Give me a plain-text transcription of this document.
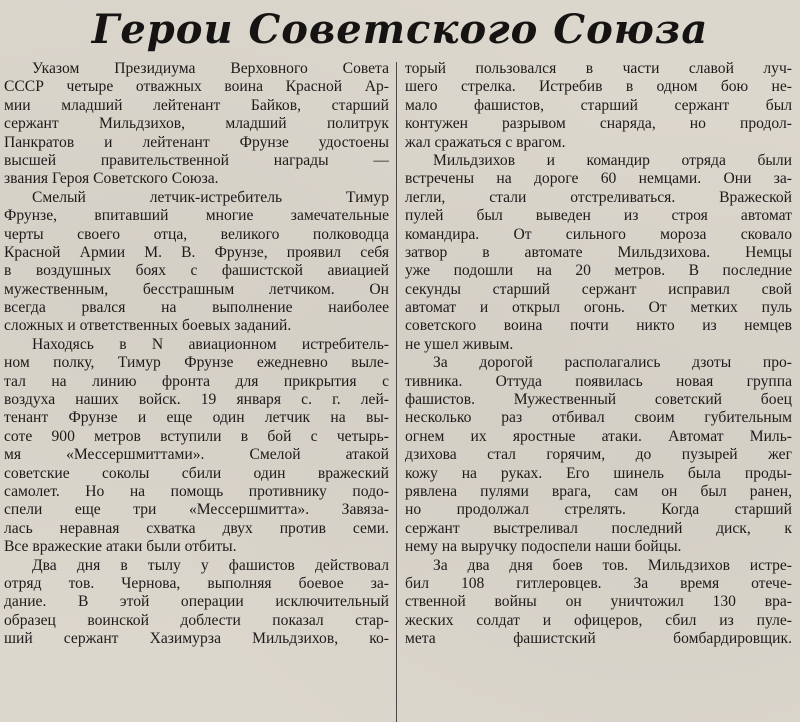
Герои Советского Союза
Указом Президиума Верховного Совета
СССР четыре отважных воина Красной Ар-
мии младший лейтенант Байков, старший
сержант Мильдзихов, младший политрук
Панкратов и лейтенант Фрунзе удостоены
высшей правительственной награды —
звания Героя Советского Союза.
Смелый летчик-истребитель Тимур
Фрунзе, впитавший многие замечательные
черты своего отца, великого полководца
Красной Армии М. В. Фрунзе, проявил себя
в воздушных боях с фашистской авиацией
мужественным, бесстрашным летчиком. Он
всегда рвался на выполнение наиболее
сложных и ответственных боевых заданий.
Находясь в N авиационном истребитель-
ном полку, Тимур Фрунзе ежедневно выле-
тал на линию фронта для прикрытия с
воздуха наших войск. 19 января с. г. лей-
тенант Фрунзе и еще один летчик на вы-
соте 900 метров вступили в бой с четырь-
мя «Мессершмиттами». Смелой атакой
советские соколы сбили один вражеский
самолет. Но на помощь противнику подо-
спели еще три «Мессершмитта». Завяза-
лась неравная схватка двух против семи.
Все вражеские атаки были отбиты.
Два дня в тылу у фашистов действовал
отряд тов. Чернова, выполняя боевое за-
дание. В этой операции исключительный
образец воинской доблести показал стар-
ший сержант Хазимурза Мильдзихов, ко-
торый пользовался в части славой луч-
шего стрелка. Истребив в одном бою не-
мало фашистов, старший сержант был
контужен разрывом снаряда, но продол-
жал сражаться с врагом.
Мильдзихов и командир отряда были
встречены на дороге 60 немцами. Они за-
легли, стали отстреливаться. Вражеской
пулей был выведен из строя автомат
командира. От сильного мороза сковало
затвор в автомате Мильдзихова. Немцы
уже подошли на 20 метров. В последние
секунды старший сержант исправил свой
автомат и открыл огонь. От метких пуль
советского воина почти никто из немцев
не ушел живым.
За дорогой располагались дзоты про-
тивника. Оттуда появилась новая группа
фашистов. Мужественный советский боец
несколько раз отбивал своим губительным
огнем их яростные атаки. Автомат Миль-
дзихова стал горячим, до пузырей жег
кожу на руках. Его шинель была проды-
рявлена пулями врага, сам он был ранен,
но продолжал стрелять. Когда старший
сержант выстреливал последний диск, к
нему на выручку подоспели наши бойцы.
За два дня боев тов. Мильдзихов истре-
бил 108 гитлеровцев. За время отече-
ственной войны он уничтожил 130 вра-
жеских солдат и офицеров, сбил из пуле-
мета фашистский бомбардировщик.
